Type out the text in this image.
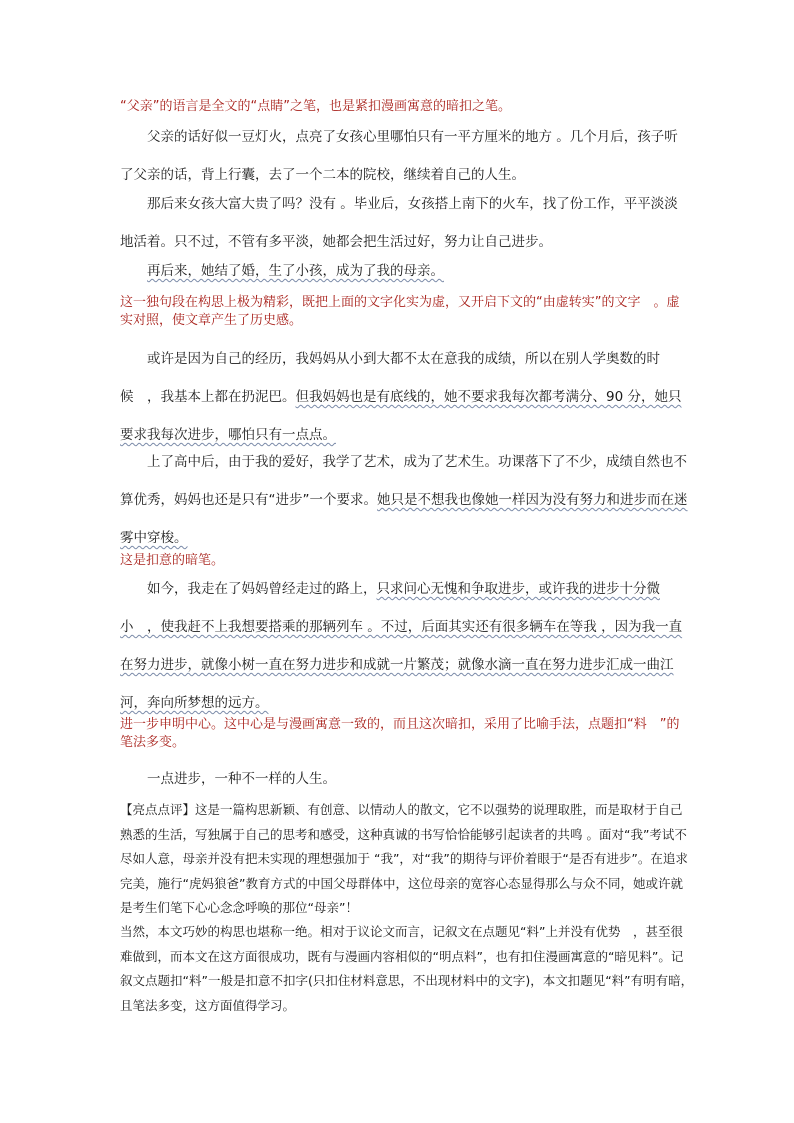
“父亲”的语言是全文的“点睛”之笔，也是紧扣漫画寓意的暗扣之笔。
父亲的话好似一豆灯火，点亮了女孩心里哪怕只有一平方厘米的地方 。几个月后，孩子听了父亲的话，背上行囊，去了一个二本的院校，继续着自己的人生。
那后来女孩大富大贵了吗？没有 。毕业后，女孩搭上南下的火车，找了份工作，平平淡淡地活着。只不过，不管有多平淡，她都会把生活过好，努力让自己进步。
再后来，她结了婚，生了小孩，成为了我的母亲。
这一独句段在构思上极为精彩，既把上面的文字化实为虚，又开启下文的“由虚转实”的文字　。虚实对照，使文章产生了历史感。
或许是因为自己的经历，我妈妈从小到大都不太在意我的成绩，所以在别人学奥数的时候　，我基本上都在扔泥巴。但我妈妈也是有底线的，她不要求我每次都考满分、90 分，她只要求我每次进步，哪怕只有一点点。
上了高中后，由于我的爱好，我学了艺术，成为了艺术生。功课落下了不少，成绩自然也不算优秀，妈妈也还是只有“进步”一个要求。她只是不想我也像她一样因为没有努力和进步而在迷雾中穿梭。
这是扣意的暗笔。
如今，我走在了妈妈曾经走过的路上，只求问心无愧和争取进步，或许我的进步十分微小　，使我赶不上我想要搭乘的那辆列车 。不过，后面其实还有很多辆车在等我 ，因为我一直在努力进步，就像小树一直在努力进步和成就一片繁茂；就像水滴一直在努力进步汇成一曲江河，奔向所梦想的远方。
进一步申明中心。这中心是与漫画寓意一致的，而且这次暗扣，采用了比喻手法，点题扣“料　”的笔法多变。
一点进步，一种不一样的人生。
【亮点点评】这是一篇构思新颖、有创意、以情动人的散文，它不以强势的说理取胜，而是取材于自己熟悉的生活，写独属于自己的思考和感受，这种真诚的书写恰恰能够引起读者的共鸣 。面对“我”考试不尽如人意，母亲并没有把未实现的理想强加于 “我”，对“我”的期待与评价着眼于“是否有进步”。在追求完美，施行“虎妈狼爸”教育方式的中国父母群体中，这位母亲的宽容心态显得那么与众不同，她或许就是考生们笔下心心念念呼唤的那位“母亲”！
当然，本文巧妙的构思也堪称一绝。相对于议论文而言，记叙文在点题见“料”上并没有优势　，甚至很难做到，而本文在这方面很成功，既有与漫画内容相似的“明点料”，也有扣住漫画寓意的“暗见料”。记叙文点题扣“料”一般是扣意不扣字(只扣住材料意思，不出现材料中的文字)，本文扣题见“料”有明有暗，且笔法多变，这方面值得学习。
